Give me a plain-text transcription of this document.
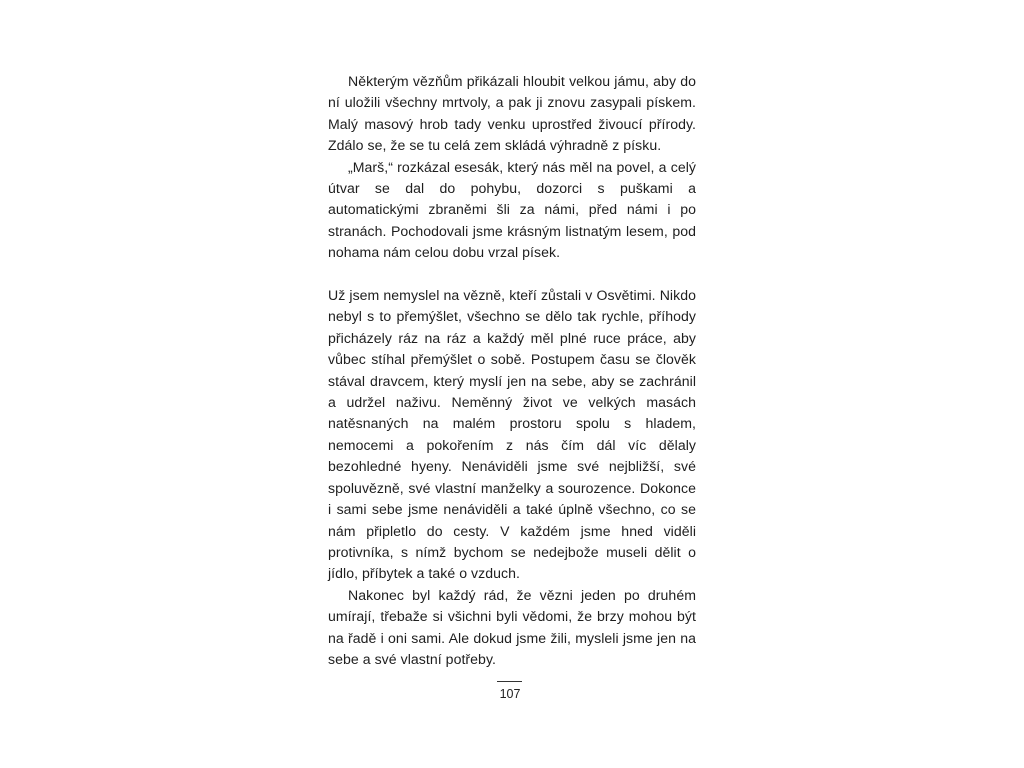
Některým vězňům přikázali hloubit velkou jámu, aby do ní uložili všechny mrtvoly, a pak ji znovu zasypali pískem. Malý masový hrob tady venku uprostřed živoucí přírody. Zdálo se, že se tu celá zem skládá výhradně z písku.

„Marš,“ rozkázal esesák, který nás měl na povel, a celý útvar se dal do pohybu, dozorci s puškami a automatickými zbraněmi šli za námi, před námi i po stranách. Pochodovali jsme krásným listnatým lesem, pod nohama nám celou dobu vrzal písek.

Už jsem nemyslel na vězně, kteří zůstali v Osvětimi. Nikdo nebyl s to přemýšlet, všechno se dělo tak rychle, příhody přicházely ráz na ráz a každý měl plné ruce práce, aby vůbec stíhal přemýšlet o sobě. Postupem času se člověk stával dravcem, který myslí jen na sebe, aby se zachránil a udržel naživu. Neměnný život ve velkých masách natěsnaných na malém prostoru spolu s hladem, nemocemi a pokořením z nás čím dál víc dělaly bezohledné hyeny. Nenáviděli jsme své nejbližší, své spoluvězně, své vlastní manželky a sourozence. Dokonce i sami sebe jsme nenáviděli a také úplně všechno, co se nám připletlo do cesty. V každém jsme hned viděli protivníka, s nímž bychom se nedejbože museli dělit o jídlo, příbytek a také o vzduch.

Nakonec byl každý rád, že vězni jeden po druhém umírají, třebaže si všichni byli vědomi, že brzy mohou být na řadě i oni sami. Ale dokud jsme žili, mysleli jsme jen na sebe a své vlastní potřeby.

107
